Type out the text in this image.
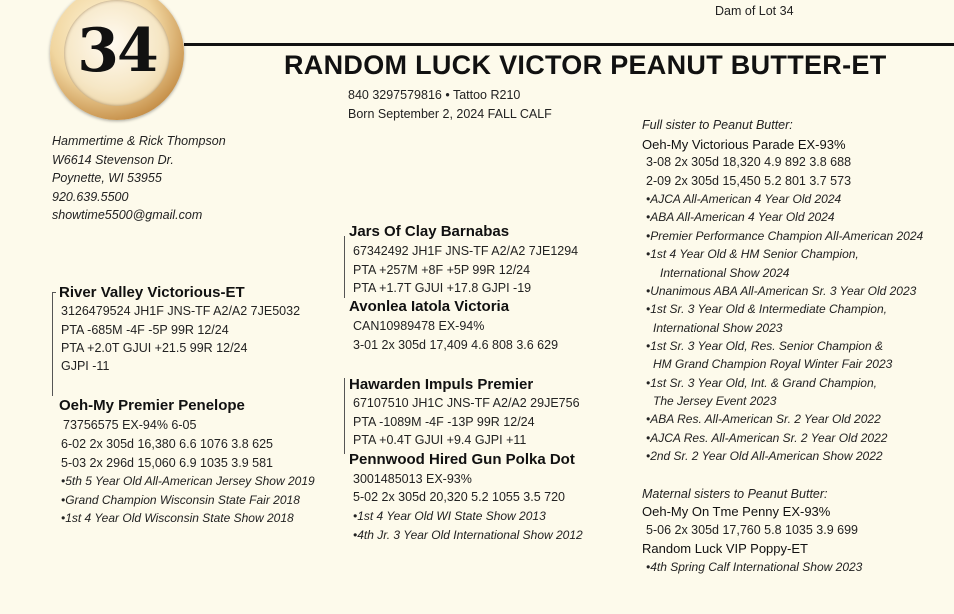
Dam of Lot 34
34	RANDOM LUCK VICTOR PEANUT BUTTER-ET
840 3297579816 • Tattoo R210
Born September 2, 2024 FALL CALF
Hammertime & Rick Thompson
W6614 Stevenson Dr.
Poynette, WI 53955
920.639.5500
showtime5500@gmail.com
Jars Of Clay Barnabas
67342492 JH1F JNS-TF A2/A2 7JE1294
PTA +257M +8F +5P 99R 12/24
PTA +1.7T GJUI +17.8 GJPI -19
Avonlea Iatola Victoria
CAN10989478 EX-94%
3-01 2x 305d 17,409 4.6 808 3.6 629
River Valley Victorious-ET
3126479524 JH1F JNS-TF A2/A2 7JE5032
PTA -685M -4F -5P 99R 12/24
PTA +2.0T GJUI +21.5 99R 12/24
GJPI -11
Hawarden Impuls Premier
67107510 JH1C JNS-TF A2/A2 29JE756
PTA -1089M -4F -13P 99R 12/24
PTA +0.4T GJUI +9.4 GJPI +11
Pennwood Hired Gun Polka Dot
3001485013 EX-93%
5-02 2x 305d 20,320 5.2 1055 3.5 720
•1st 4 Year Old WI State Show 2013
•4th Jr. 3 Year Old International Show 2012
Oeh-My Premier Penelope
73756575 EX-94% 6-05
6-02 2x 305d 16,380 6.6 1076 3.8 625
5-03 2x 296d 15,060 6.9 1035 3.9 581
•5th 5 Year Old All-American Jersey Show 2019
•Grand Champion Wisconsin State Fair 2018
•1st 4 Year Old Wisconsin State Show 2018
Full sister to Peanut Butter:
Oeh-My Victorious Parade EX-93%
3-08 2x 305d 18,320 4.9 892 3.8 688
2-09 2x 305d 15,450 5.2 801 3.7 573
•AJCA All-American 4 Year Old 2024
•ABA All-American 4 Year Old 2024
•Premier Performance Champion All-American 2024
•1st 4 Year Old & HM Senior Champion,
International Show 2024
•Unanimous ABA All-American Sr. 3 Year Old 2023
•1st Sr. 3 Year Old & Intermediate Champion,
International Show 2023
•1st Sr. 3 Year Old, Res. Senior Champion &
HM Grand Champion Royal Winter Fair 2023
•1st Sr. 3 Year Old, Int. & Grand Champion,
The Jersey Event 2023
•ABA Res. All-American Sr. 2 Year Old 2022
•AJCA Res. All-American Sr. 2 Year Old 2022
•2nd Sr. 2 Year Old All-American Show 2022
Maternal sisters to Peanut Butter:
Oeh-My On Tme Penny EX-93%
5-06 2x 305d 17,760 5.8 1035 3.9 699
Random Luck VIP Poppy-ET
•4th Spring Calf International Show 2023
